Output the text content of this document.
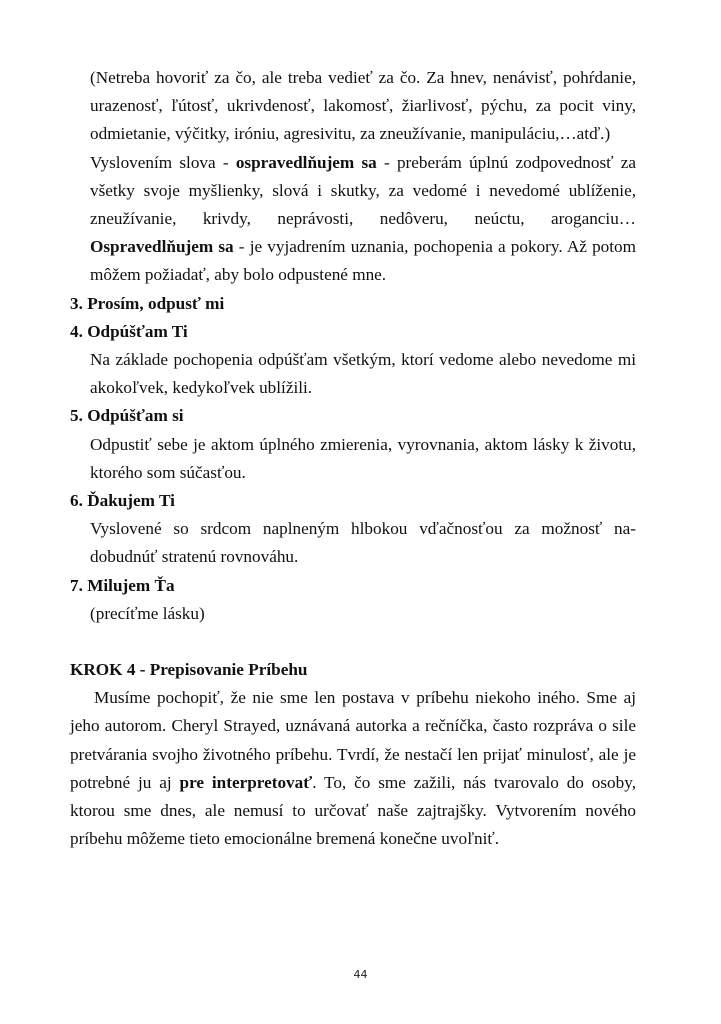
(Netreba hovoriť za čo, ale treba vedieť za čo. Za hnev, nenávisť, pohŕdanie, urazenosť, ľútosť, ukrivdenosť, lakomosť, žiarlivosť, pýchu, za pocit viny, odmietanie, výčitky, iróniu, agresivitu, za zneužívanie, manipuláciu,…atď.)

Vyslovením slova - ospravedlňujem sa - preberám úplnú zodpovednosť za všetky svoje myšlienky, slová i skutky, za vedomé i nevedomé ublíženie, zneužívanie, krivdy, neprávosti, nedôveru, neúctu, aroganciu… Ospravedlňujem sa - je vyjadrením uznania, pochopenia a pokory. Až potom môžem požiadať, aby bolo odpustené mne.

3. Prosím, odpusť mi

4. Odpúšťam Ti

Na základe pochopenia odpúšťam všetkým, ktorí vedome alebo nevedome mi akokoľvek, kedykoľvek ublížili.

5. Odpúšťam si

Odpustiť sebe je aktom úplného zmierenia, vyrovnania, aktom lásky k životu, ktorého som súčasťou.

6. Ďakujem Ti

Vyslovené so srdcom naplneným hlbokou vďačnosťou za možnosť nadobudnúť stratenú rovnováhu.

7. Milujem Ťa

(precíťme lásku)

KROK 4 - Prepisovanie Príbehu

Musíme pochopiť, že nie sme len postava v príbehu niekoho iného. Sme aj jeho autorom. Cheryl Strayed, uznávaná autorka a rečníčka, často rozpráva o sile pretvárania svojho životného príbehu. Tvrdí, že nestačí len prijať minulosť, ale je potrebné ju aj pre interpretovať. To, čo sme zažili, nás tvarovalo do osoby, ktorou sme dnes, ale nemusí to určovať naše zajtrajšky. Vytvorením nového príbehu môžeme tieto emocionálne bremená konečne uvoľniť.

44
